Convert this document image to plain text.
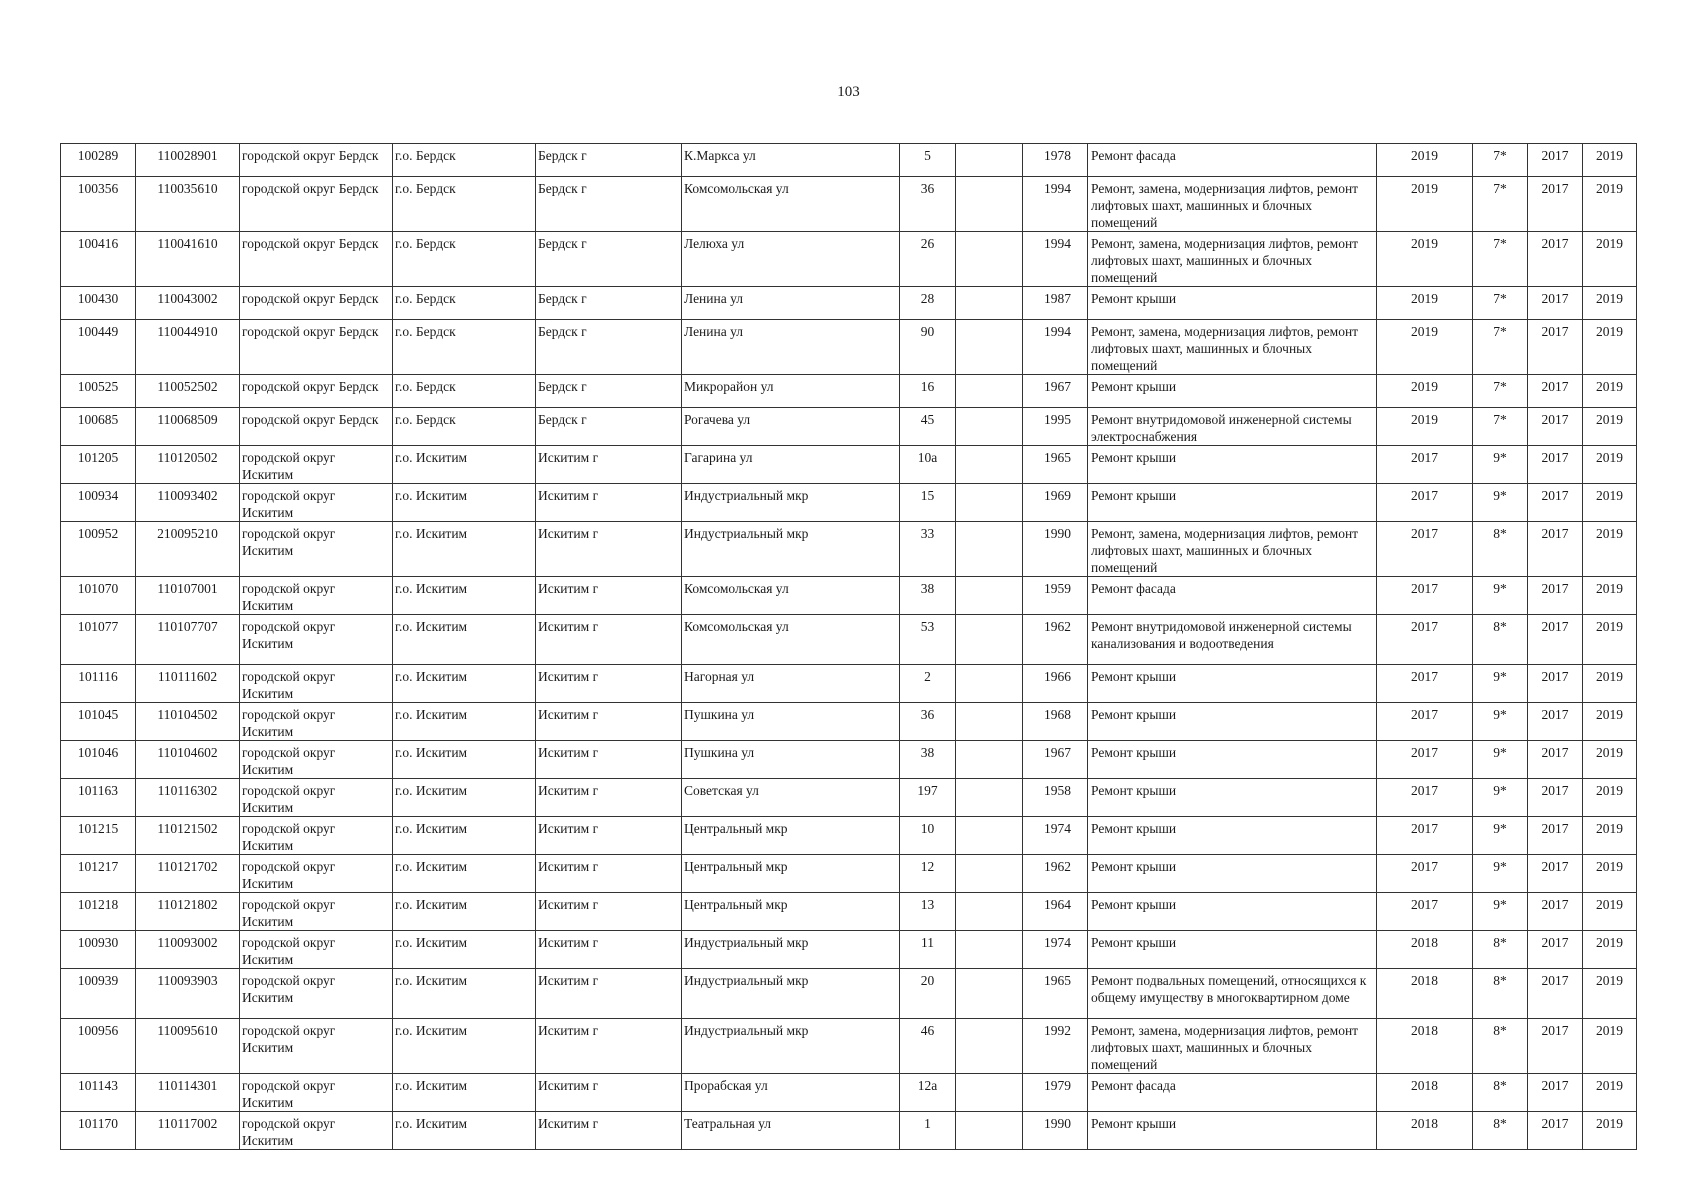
103
100289	110028901	городской округ Бердск	г.о. Бердск	Бердск г	К.Маркса ул	5		1978	Ремонт фасада	2019	7*	2017	2019
100356	110035610	городской округ Бердск	г.о. Бердск	Бердск г	Комсомольская ул	36		1994	Ремонт, замена, модернизация лифтов, ремонт лифтовых шахт, машинных и блочных помещений	2019	7*	2017	2019
100416	110041610	городской округ Бердск	г.о. Бердск	Бердск г	Лелюха ул	26		1994	Ремонт, замена, модернизация лифтов, ремонт лифтовых шахт, машинных и блочных помещений	2019	7*	2017	2019
100430	110043002	городской округ Бердск	г.о. Бердск	Бердск г	Ленина ул	28		1987	Ремонт крыши	2019	7*	2017	2019
100449	110044910	городской округ Бердск	г.о. Бердск	Бердск г	Ленина ул	90		1994	Ремонт, замена, модернизация лифтов, ремонт лифтовых шахт, машинных и блочных помещений	2019	7*	2017	2019
100525	110052502	городской округ Бердск	г.о. Бердск	Бердск г	Микрорайон ул	16		1967	Ремонт крыши	2019	7*	2017	2019
100685	110068509	городской округ Бердск	г.о. Бердск	Бердск г	Рогачева ул	45		1995	Ремонт внутридомовой инженерной системы электроснабжения	2019	7*	2017	2019
101205	110120502	городской округ Искитим	г.о. Искитим	Искитим г	Гагарина ул	10а		1965	Ремонт крыши	2017	9*	2017	2019
100934	110093402	городской округ Искитим	г.о. Искитим	Искитим г	Индустриальный мкр	15		1969	Ремонт крыши	2017	9*	2017	2019
100952	210095210	городской округ Искитим	г.о. Искитим	Искитим г	Индустриальный мкр	33		1990	Ремонт, замена, модернизация лифтов, ремонт лифтовых шахт, машинных и блочных помещений	2017	8*	2017	2019
101070	110107001	городской округ Искитим	г.о. Искитим	Искитим г	Комсомольская ул	38		1959	Ремонт фасада	2017	9*	2017	2019
101077	110107707	городской округ Искитим	г.о. Искитим	Искитим г	Комсомольская ул	53		1962	Ремонт внутридомовой инженерной системы канализования и водоотведения	2017	8*	2017	2019
101116	110111602	городской округ Искитим	г.о. Искитим	Искитим г	Нагорная ул	2		1966	Ремонт крыши	2017	9*	2017	2019
101045	110104502	городской округ Искитим	г.о. Искитим	Искитим г	Пушкина ул	36		1968	Ремонт крыши	2017	9*	2017	2019
101046	110104602	городской округ Искитим	г.о. Искитим	Искитим г	Пушкина ул	38		1967	Ремонт крыши	2017	9*	2017	2019
101163	110116302	городской округ Искитим	г.о. Искитим	Искитим г	Советская ул	197		1958	Ремонт крыши	2017	9*	2017	2019
101215	110121502	городской округ Искитим	г.о. Искитим	Искитим г	Центральный мкр	10		1974	Ремонт крыши	2017	9*	2017	2019
101217	110121702	городской округ Искитим	г.о. Искитим	Искитим г	Центральный мкр	12		1962	Ремонт крыши	2017	9*	2017	2019
101218	110121802	городской округ Искитим	г.о. Искитим	Искитим г	Центральный мкр	13		1964	Ремонт крыши	2017	9*	2017	2019
100930	110093002	городской округ Искитим	г.о. Искитим	Искитим г	Индустриальный мкр	11		1974	Ремонт крыши	2018	8*	2017	2019
100939	110093903	городской округ Искитим	г.о. Искитим	Искитим г	Индустриальный мкр	20		1965	Ремонт подвальных помещений, относящихся к общему имуществу в многоквартирном доме	2018	8*	2017	2019
100956	110095610	городской округ Искитим	г.о. Искитим	Искитим г	Индустриальный мкр	46		1992	Ремонт, замена, модернизация лифтов, ремонт лифтовых шахт, машинных и блочных помещений	2018	8*	2017	2019
101143	110114301	городской округ Искитим	г.о. Искитим	Искитим г	Прорабская ул	12а		1979	Ремонт фасада	2018	8*	2017	2019
101170	110117002	городской округ Искитим	г.о. Искитим	Искитим г	Театральная ул	1		1990	Ремонт крыши	2018	8*	2017	2019
